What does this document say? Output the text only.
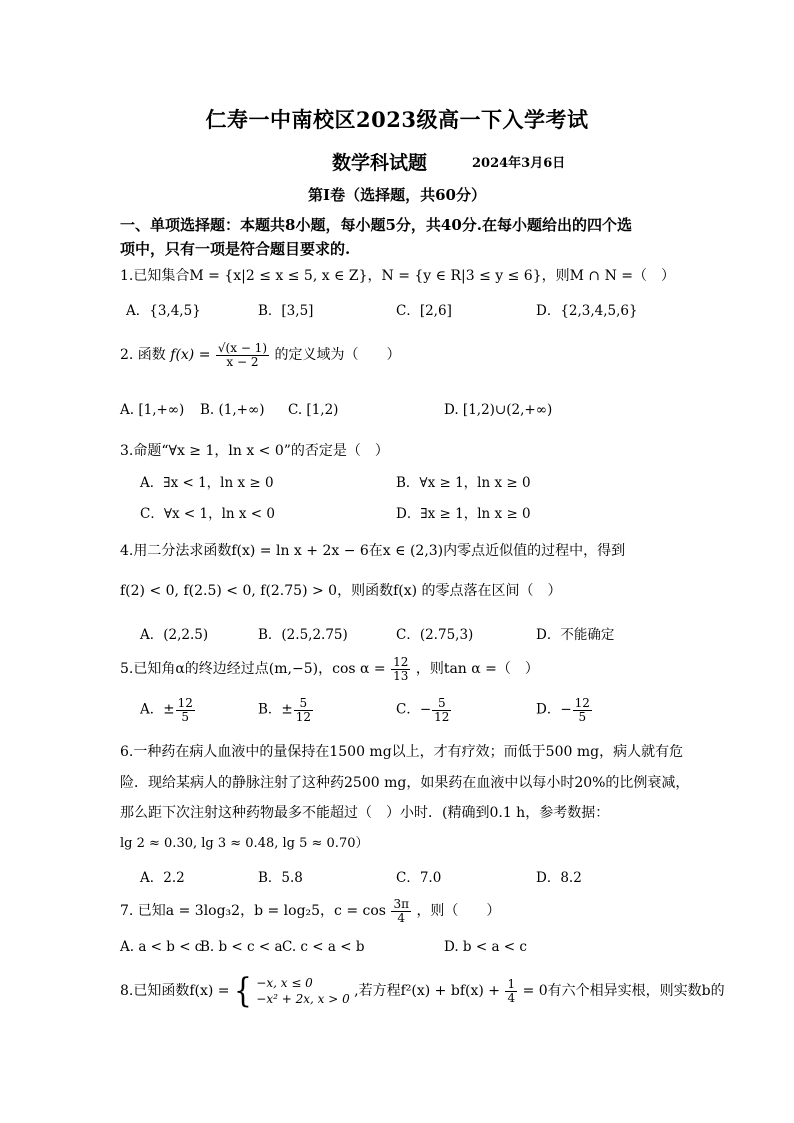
仁寿一中南校区2023级高一下入学考试
数学科试题	2024年3月6日
第Ⅰ卷（选择题，共60分）
一、单项选择题：本题共8小题，每小题5分，共40分.在每小题给出的四个选
项中，只有一项是符合题目要求的.
1.已知集合M = {x|2 ≤ x ≤ 5, x ∈ Z}，N = {y ∈ R|3 ≤ y ≤ 6}，则M ∩ N =（　）
A．{3,4,5}	B．[3,5]	C．[2,6]	D．{2,3,4,5,6}
2. 函数 $f(x) = \frac{√(x - 1)}{x - 2}$ 的定义域为（　　）
A. [1,+∞) B. (1,+∞) C. [1,2)	D. [1,2)∪(2,+∞)
3.命题“∀x ≥ 1，ln x < 0”的否定是（　）
A．∃x < 1，ln x ≥ 0	B．∀x ≥ 1，ln x ≥ 0
C．∀x < 1，ln x < 0	D．∃x ≥ 1，ln x ≥ 0
4.用二分法求函数f(x) = ln x + 2x − 6在x ∈ (2,3)内零点近似值的过程中，得到
f(2) < 0, f(2.5) < 0, f(2.75) > 0，则函数f(x) 的零点落在区间（　）
A．(2,2.5)	B．(2.5,2.75)	C．(2.75,3)	D．不能确定
5.已知角α的终边经过点(m,−5)，$\cos \alpha = \frac{12}{13}$ ，则tan α =（　）
A．± $\frac{12}{5}$	B．± $\frac{5}{12}$	C．− $\frac{5}{12}$	D．− $\frac{12}{5}$
6.一种药在病人血液中的量保持在1500 mg以上，才有疗效；而低于500 mg，病人就有危
险．现给某病人的静脉注射了这种药2500 mg，如果药在血液中以每小时20%的比例衰减，
那么距下次注射这种药物最多不能超过（　）小时．(精确到0.1 h，参考数据：
lg 2 ≈ 0.30, lg 3 ≈ 0.48, lg 5 ≈ 0.70）
A．2.2	B．5.8	C．7.0	D．8.2
7. 已知a = 3log₃2，b = log₂5，$c = \cos \frac{3\pi}{4}$ ，则（　　）
A. a < b < c
B. b < c < a C. c < a < b	D. b < a < c
8.已知函数f(x) = { −x, x ≤ 0
−x² + 2x, x > 0 ,若方程$f^2(x) + bf(x) + \frac{1}{4} = 0$有六个相异实根，则实数b的
